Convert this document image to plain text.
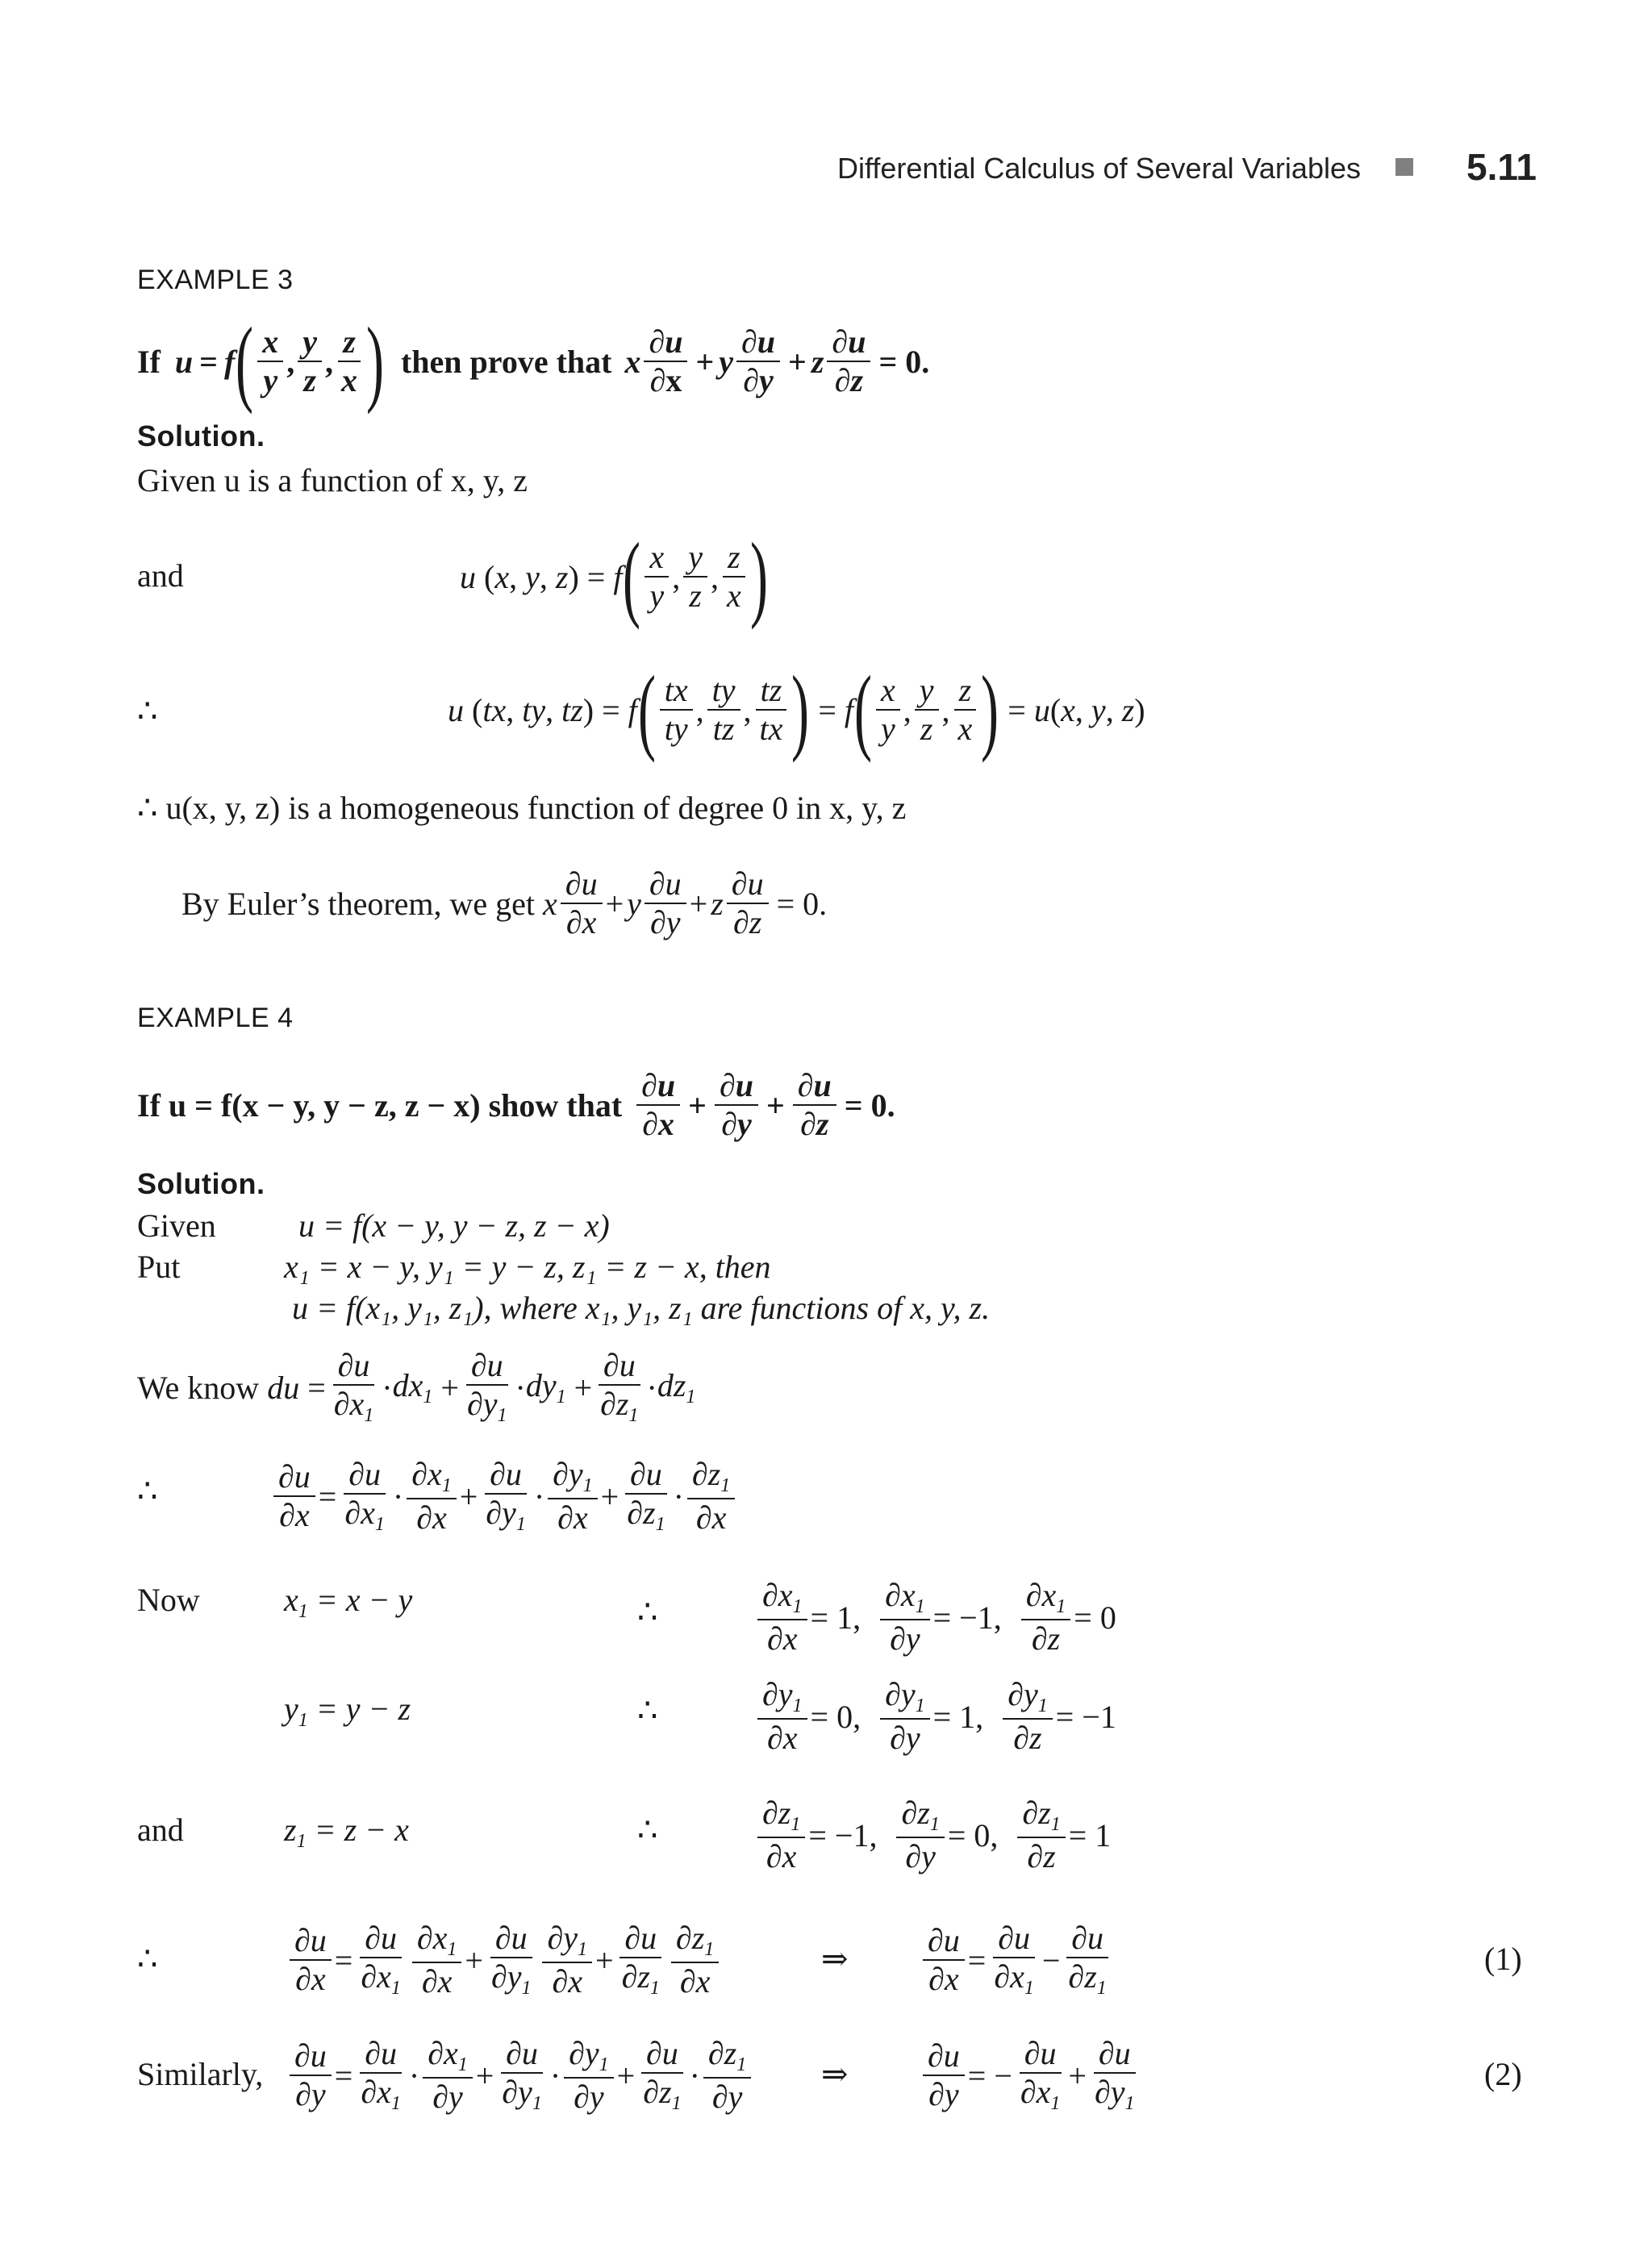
Differential Calculus of Several Variables	5.11
EXAMPLE 3
If u = f ( $\frac{x}{y}$ , $\frac{y}{z}$ , $\frac{z}{x}$ ) then prove that x $\frac{\partial u}{\partial x} + y \frac{\partial u}{\partial y} + z \frac{\partial u}{\partial z} = 0$.
Solution.
Given u is a function of x, y, z
and	u ( x , y , z ) = f ( $\frac{x}{y}$ , $\frac{y}{z}$ , $\frac{z}{x}$ )
∴	u ( tx , ty , tz ) = f ( $\frac{tx}{ty}$ , $\frac{ty}{tz}$ , $\frac{tz}{tx}$ ) = f ( $\frac{x}{y}$ , $\frac{y}{z}$ , $\frac{z}{x}$ ) = u ( x , y , z )
∴ u(x, y, z) is a homogeneous function of degree 0 in x, y, z
By Euler’s theorem, we get x $\frac{\partial u}{\partial x} + y \frac{\partial u}{\partial y} + z \frac{\partial u}{\partial z} = 0$.
EXAMPLE 4
If u = f(x − y, y − z, z − x) show that $\frac{\partial u}{\partial x} + \frac{\partial u}{\partial y} + \frac{\partial u}{\partial z} = 0$.
Solution.
Given	u = f(x − y, y − z, z − x)
Put	x₁ = x − y, y₁ = y − z, z₁ = z − x, then
u = f(x₁, y₁, z₁), where x₁, y₁, z₁ are functions of x, y, z.
We know du = $\frac{\partial u}{\partial x_1} \cdot dx_1 + \frac{\partial u}{\partial y_1} \cdot dy_1 + \frac{\partial u}{\partial z_1} \cdot dz_1$
∴	$\frac{\partial u}{\partial x} = \frac{\partial u}{\partial x_1} \cdot \frac{\partial x_1}{\partial x} + \frac{\partial u}{\partial y_1} \cdot \frac{\partial y_1}{\partial x} + \frac{\partial u}{\partial z_1} \cdot \frac{\partial z_1}{\partial x}$
Now	$x_1 = x - y$	∴	$\frac{\partial x_1}{\partial x} = 1$, $\frac{\partial x_1}{\partial y} = -1$, $\frac{\partial x_1}{\partial z} = 0$
$y_1 = y - z$	∴	$\frac{\partial y_1}{\partial x} = 0$, $\frac{\partial y_1}{\partial y} = 1$, $\frac{\partial y_1}{\partial z} = -1$
and	$z_1 = z - x$	∴	$\frac{\partial z_1}{\partial x} = -1$, $\frac{\partial z_1}{\partial y} = 0$, $\frac{\partial z_1}{\partial z} = 1$
∴	$\frac{\partial u}{\partial x} = \frac{\partial u}{\partial x_1} \frac{\partial x_1}{\partial x} + \frac{\partial u}{\partial y_1} \frac{\partial y_1}{\partial x} + \frac{\partial u}{\partial z_1} \frac{\partial z_1}{\partial x}$	⇒ $\frac{\partial u}{\partial x} = \frac{\partial u}{\partial x_1} - \frac{\partial u}{\partial z_1}$	(1)
Similarly, $\frac{\partial u}{\partial y} = \frac{\partial u}{\partial x_1} \cdot \frac{\partial x_1}{\partial y} + \frac{\partial u}{\partial y_1} \cdot \frac{\partial y_1}{\partial y} + \frac{\partial u}{\partial z_1} \cdot \frac{\partial z_1}{\partial y}$ ⇒ $\frac{\partial u}{\partial y}$ = − $\frac{\partial u}{\partial x_1} + \frac{\partial u}{\partial y_1}$	(2)
